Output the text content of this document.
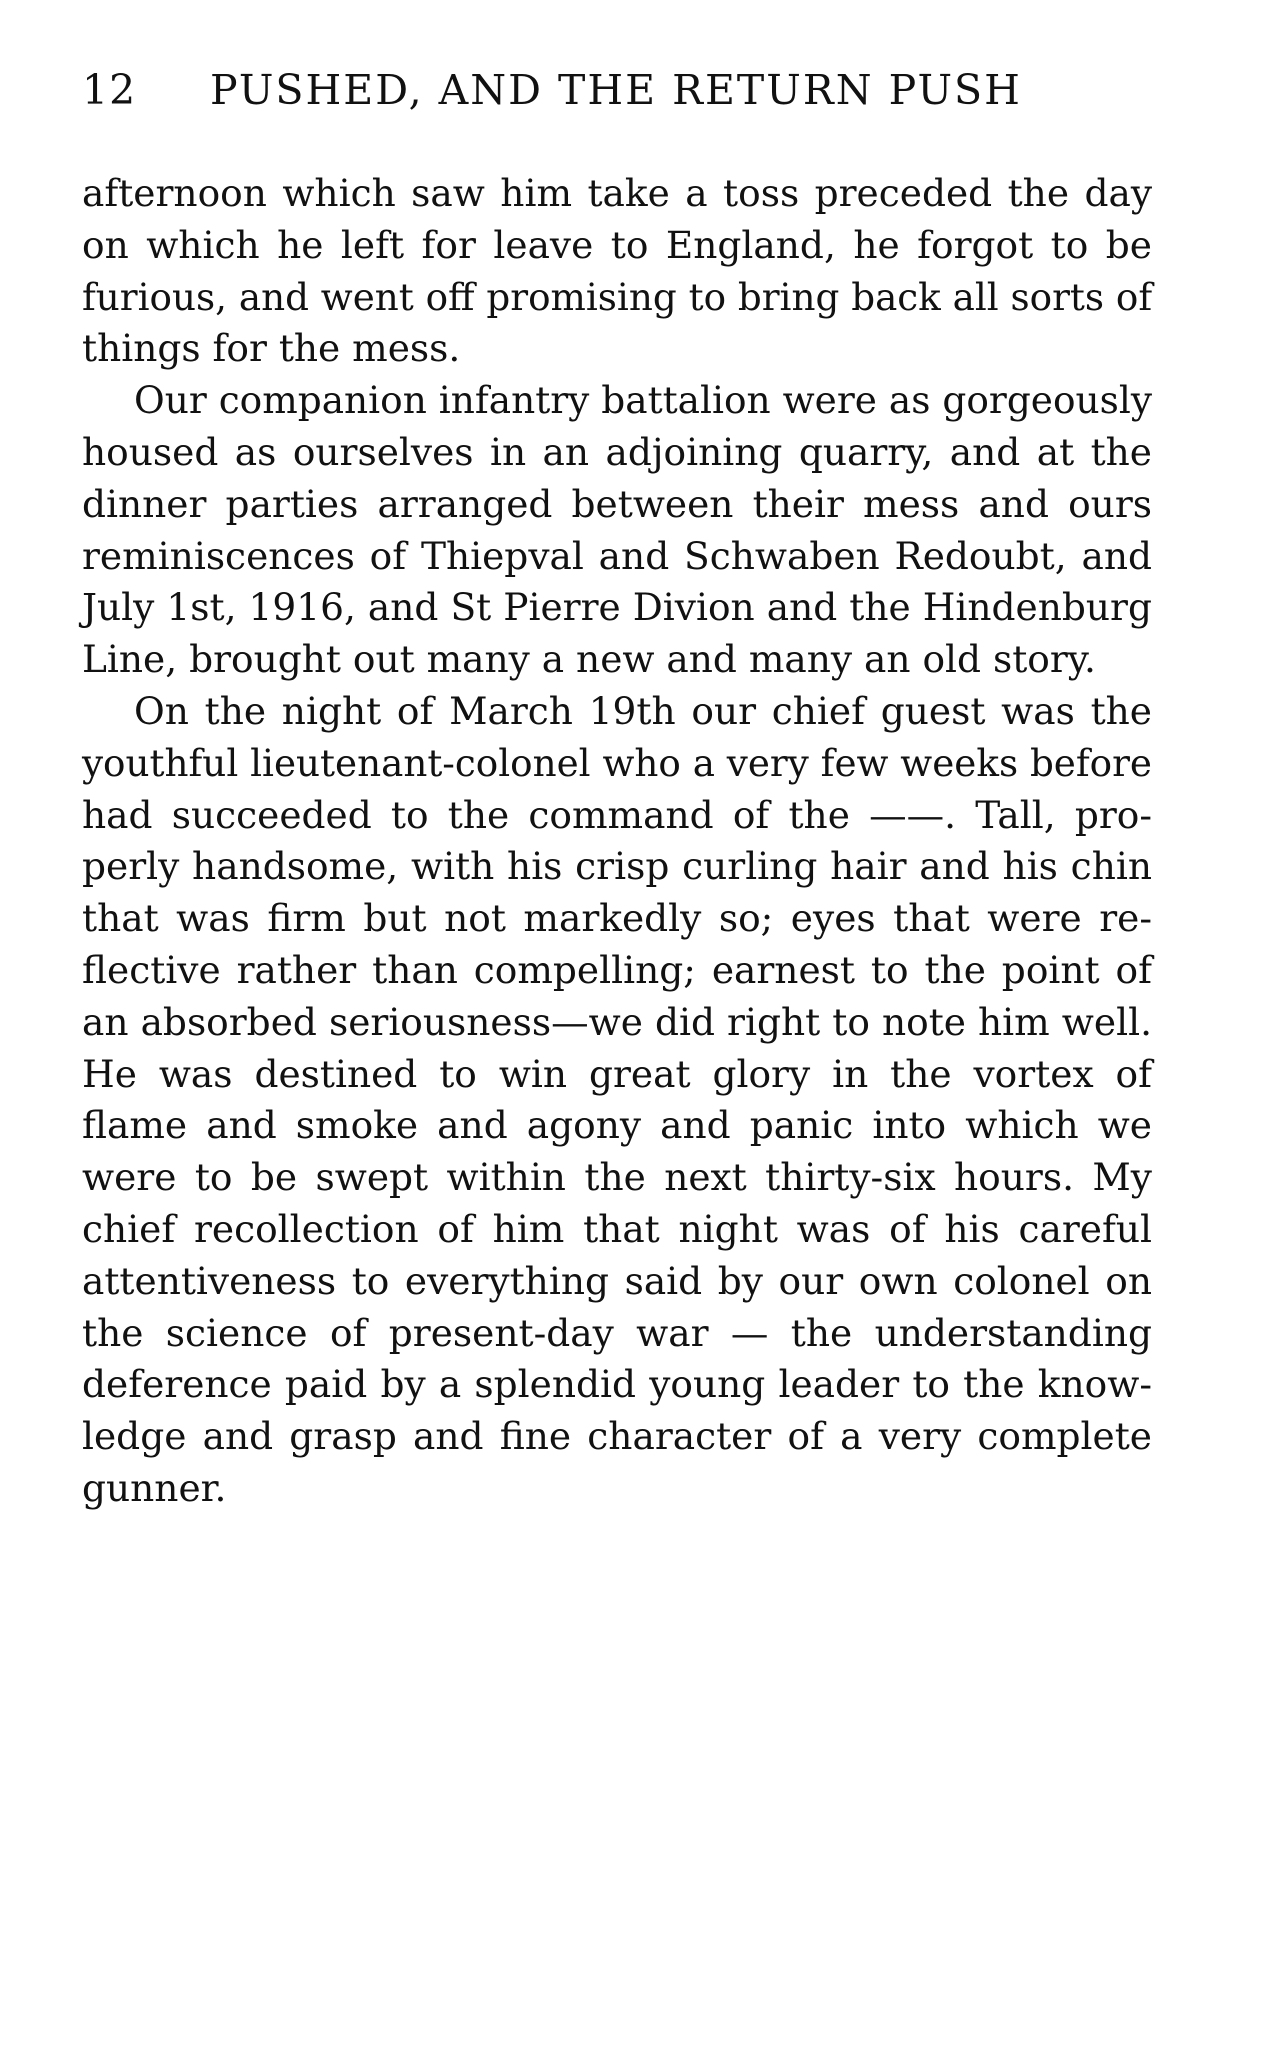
12 PUSHED, AND THE RETURN PUSH
afternoon which saw him take a toss preceded the day
on which he left for leave to England, he forgot to be
furious, and went off promising to bring back all sorts of
things for the mess.
Our companion infantry battalion were as gorgeously
housed as ourselves in an adjoining quarry, and at the
dinner parties arranged between their mess and ours
reminiscences of Thiepval and Schwaben Redoubt, and
July 1st, 1916, and St Pierre Divion and the Hindenburg
Line, brought out many a new and many an old story.
On the night of March 19th our chief guest was the
youthful lieutenant-colonel who a very few weeks before
had succeeded to the command of the ——. Tall, pro-
perly handsome, with his crisp curling hair and his chin
that was firm but not markedly so; eyes that were re-
flective rather than compelling; earnest to the point of
an absorbed seriousness—we did right to note him well.
He was destined to win great glory in the vortex of
flame and smoke and agony and panic into which we
were to be swept within the next thirty-six hours. My
chief recollection of him that night was of his careful
attentiveness to everything said by our own colonel on
the science of present-day war — the understanding
deference paid by a splendid young leader to the know-
ledge and grasp and fine character of a very complete
gunner.
